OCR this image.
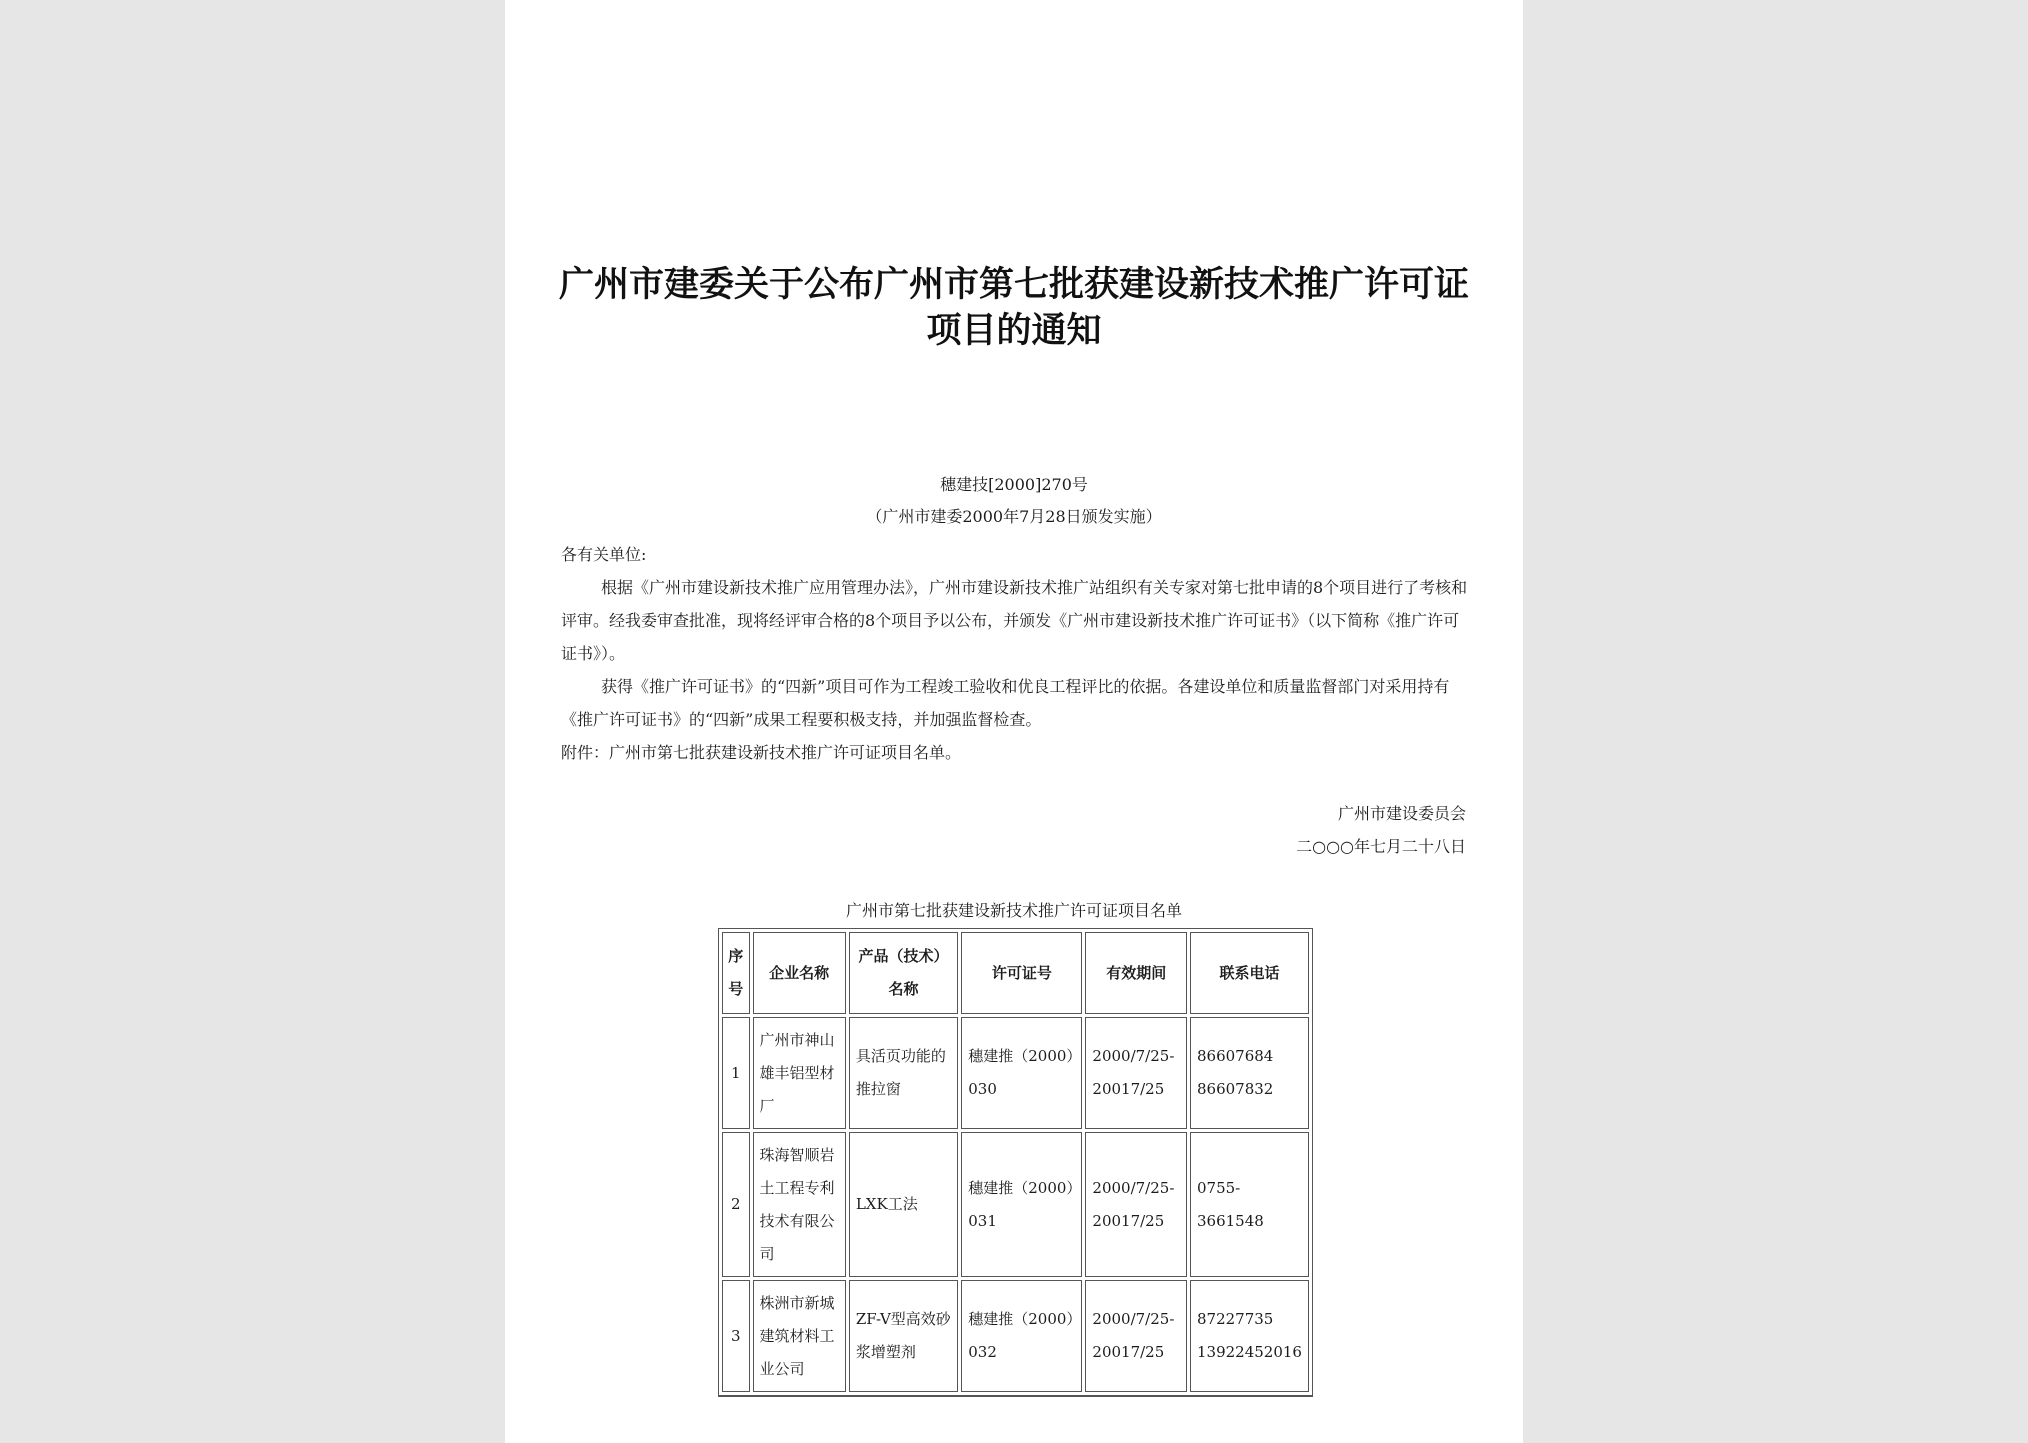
广州市建委关于公布广州市第七批获建设新技术推广许可证项目的通知
穗建技[2000]270号
（广州市建委2000年7月28日颁发实施）

各有关单位:

根据《广州市建设新技术推广应用管理办法》，广州市建设新技术推广站组织有关专家对第七批申请的8个项目进行了考核和评审。经我委审查批准，现将经评审合格的8个项目予以公布，并颁发《广州市建设新技术推广许可证书》（以下简称《推广许可证书》）。

获得《推广许可证书》的“四新”项目可作为工程竣工验收和优良工程评比的依据。各建设单位和质量监督部门对采用持有《推广许可证书》的“四新”成果工程要积极支持，并加强监督检查。

附件：广州市第七批获建设新技术推广许可证项目名单。

广州市建设委员会
二○○○年七月二十八日
广州市第七批获建设新技术推广许可证项目名单
序号	企业名称	产品（技术）名称	许可证号	有效期间	联系电话
1	广州市神山雄丰铝型材厂	具活页功能的推拉窗	穗建推（2000）030	2000/7/25-20017/25	86607684 86607832
2	珠海智顺岩土工程专利技术有限公司	LXK工法	穗建推（2000）031	2000/7/25-20017/25	0755-3661548
3	株洲市新城建筑材料工业公司	ZF-V型高效砂浆增塑剂	穗建推（2000）032	2000/7/25-20017/25	87227735 13922452016
